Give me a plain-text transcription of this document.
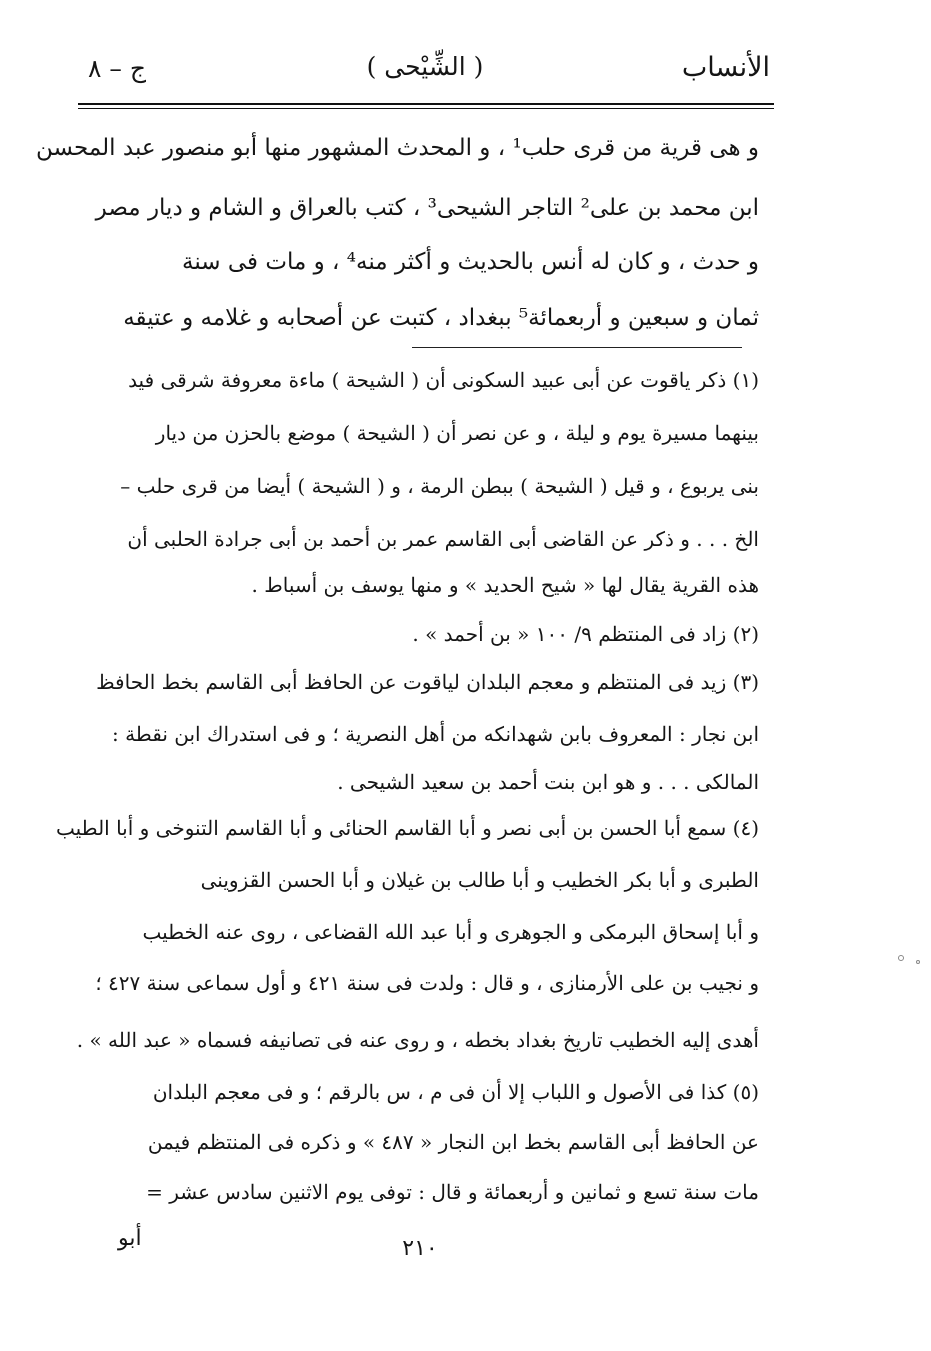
الأنساب
( الشِّيْحى )
ج – ٨
و هى قرية من قرى حلب¹ ، و المحدث المشهور منها أبو منصور عبد المحسن
ابن محمد بن على² التاجر الشيحى³ ، كتب بالعراق و الشام و ديار مصر
و حدث ، و كان له أنس بالحديث و أكثر منه⁴ ، و مات فى سنة
ثمان و سبعين و أربعمائة⁵ ببغداد ، كتبت عن أصحابه و غلامه و عتيقه
(١) ذكر ياقوت عن أبى عبيد السكونى أن ( الشيحة ) ماءة معروفة شرقى فيد
بينهما مسيرة يوم و ليلة ، و عن نصر أن ( الشيحة ) موضع بالحزن من ديار
بنى يربوع ، و قيل ( الشيحة ) ببطن الرمة ، و ( الشيحة ) أيضا من قرى حلب –
الخ . . . و ذكر عن القاضى أبى القاسم عمر بن أحمد بن أبى جرادة الحلبى أن
هذه القرية يقال لها « شيح الحديد » و منها يوسف بن أسباط .
(٢) زاد فى المنتظم ٩/ ١٠٠ « بن أحمد » .
(٣) زيد فى المنتظم و معجم البلدان لياقوت عن الحافظ أبى القاسم بخط الحافظ
ابن نجار : المعروف بابن شهدانكه من أهل النصرية ؛ و فى استدراك ابن نقطة :
المالكى . . . و هو ابن بنت أحمد بن سعيد الشيحى .
(٤) سمع أبا الحسن بن أبى نصر و أبا القاسم الحنائى و أبا القاسم التنوخى و أبا الطيب
الطبرى و أبا بكر الخطيب و أبا طالب بن غيلان و أبا الحسن القزوينى
و أبا إسحاق البرمكى و الجوهرى و أبا عبد الله القضاعى ، روى عنه الخطيب
و نجيب بن على الأرمنازى ، و قال : ولدت فى سنة ٤٢١ و أول سماعى سنة ٤٢٧ ؛
أهدى إليه الخطيب تاريخ بغداد بخطه ، و روى عنه فى تصانيفه فسماه « عبد الله » .
(٥) كذا فى الأصول و اللباب إلا أن فى م ، س بالرقم ؛ و فى معجم البلدان
عن الحافظ أبى القاسم بخط ابن النجار « ٤٨٧ » و ذكره فى المنتظم فيمن
مات سنة تسع و ثمانين و أربعمائة و قال : توفى يوم الاثنين سادس عشر =
٢١٠
أبو
